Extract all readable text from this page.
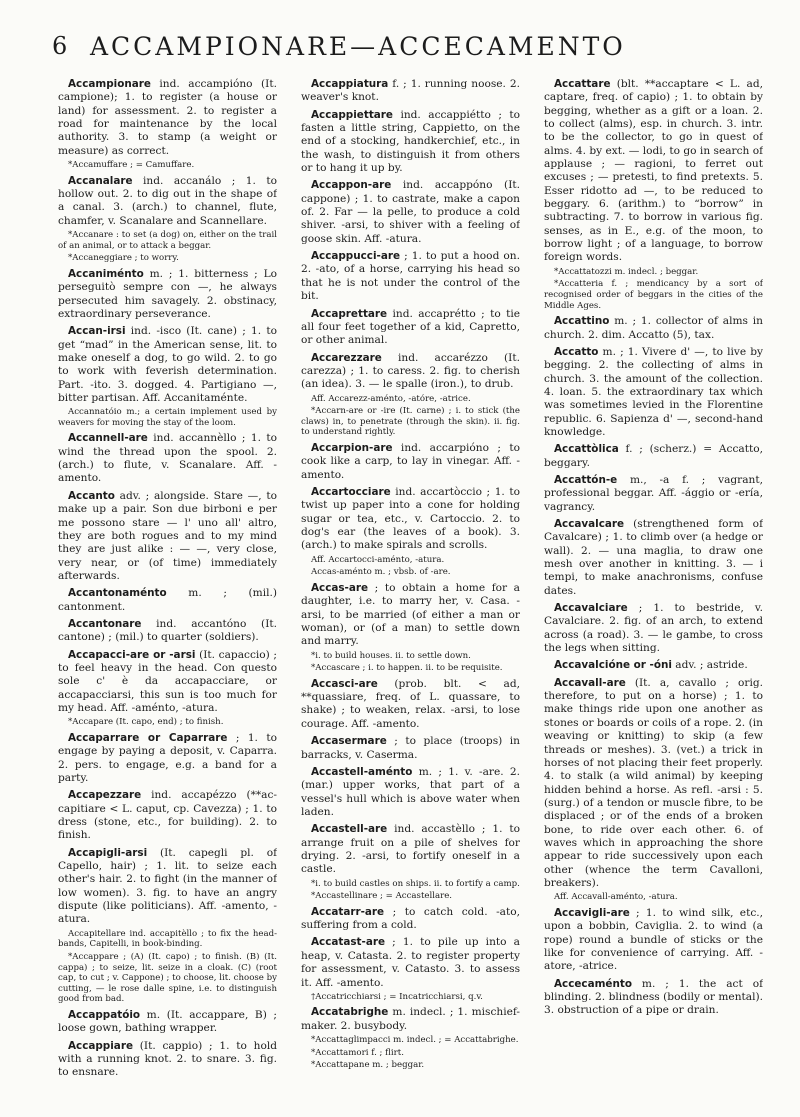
6 ACCAMPIONARE—ACCECAMENTO

Accampionare ind. accampióno (It. campione); 1. to register (a house or land) for assessment. 2. to register a road for maintenance by the local authority. 3. to stamp (a weight or measure) as correct.

*Accamuffare ; = Camuffare.

Accanalare ind. accanálo ; 1. to hollow out. 2. to dig out in the shape of a canal. 3. (arch.) to channel, flute, chamfer, v. Scanalare and Scannellare.

*Accanare : to set (a dog) on, either on the trail of an animal, or to attack a beggar.

*Accaneggiare ; to worry.

Accaniménto m. ; 1. bitterness ; Lo perseguitò sempre con —, he always persecuted him savagely. 2. obstinacy, extraordinary perseverance.

Accan-irsi ind. -isco (It. cane) ; 1. to get “mad” in the American sense, lit. to make oneself a dog, to go wild. 2. to go to work with feverish determination. Part. -ito. 3. dogged. 4. Partigiano —, bitter partisan. Aff. Accanitaménte.

Accannatóio m.; a certain implement used by weavers for moving the stay of the loom.

Accannell-are ind. accannèllo ; 1. to wind the thread upon the spool. 2. (arch.) to flute, v. Scanalare. Aff. -amento.

Accanto adv. ; alongside. Stare —, to make up a pair. Son due birboni e per me possono stare — l' uno all' altro, they are both rogues and to my mind they are just alike : — —, very close, very near, or (of time) immediately afterwards.

Accantonaménto m. ; (mil.) cantonment.

Accantonare ind. accantóno (It. cantone) ; (mil.) to quarter (soldiers).

Accapacci-are or -arsi (It. capaccio) ; to feel heavy in the head. Con questo sole c' è da accapacciare, or accapacciarsi, this sun is too much for my head. Aff. -aménto, -atura.

*Accapare (It. capo, end) ; to finish.

Accaparrare or Caparrare ; 1. to engage by paying a deposit, v. Caparra. 2. pers. to engage, e.g. a band for a party.

Accapezzare ind. accapézzo (**ac-capitiare < L. caput, cp. Cavezza) ; 1. to dress (stone, etc., for building). 2. to finish.

Accapigli-arsi (It. capegli pl. of Capello, hair) ; 1. lit. to seize each other's hair. 2. to fight (in the manner of low women). 3. fig. to have an angry dispute (like politicians). Aff. -amento, -atura.

Accapitellare ind. accapitèllo ; to fix the head-bands, Capitelli, in book-binding.

*Accappare ; (A) (It. capo) ; to finish. (B) (It. cappa) ; to seize, lit. seize in a cloak. (C) (root cap, to cut ; v. Cappone) ; to choose, lit. choose by cutting, — le rose dalle spine, i.e. to distinguish good from bad.

Accappatóio m. (It. accappare, B) ; loose gown, bathing wrapper.

Accappiare (It. cappio) ; 1. to hold with a running knot. 2. to snare. 3. fig. to ensnare.

Accappiatura f. ; 1. running noose. 2. weaver's knot.

Accappiettare ind. accappiétto ; to fasten a little string, Cappietto, on the end of a stocking, handkerchief, etc., in the wash, to distinguish it from others or to hang it up by.

Accappon-are ind. accappóno (It. cappone) ; 1. to castrate, make a capon of. 2. Far — la pelle, to produce a cold shiver. -arsi, to shiver with a feeling of goose skin. Aff. -atura.

Accappucci-are ; 1. to put a hood on. 2. -ato, of a horse, carrying his head so that he is not under the control of the bit.

Accaprettare ind. accaprétto ; to tie all four feet together of a kid, Capretto, or other animal.

Accarezzare ind. accarézzo (It. carezza) ; 1. to caress. 2. fig. to cherish (an idea). 3. — le spalle (iron.), to drub.

Aff. Accarezz-aménto, -atóre, -atrice.

*Accarn-are or -ire (It. carne) ; i. to stick (the claws) in, to penetrate (through the skin). ii. fig. to understand rightly.

Accarpion-are ind. accarpióno ; to cook like a carp, to lay in vinegar. Aff. -amento.

Accartocciare ind. accartòccio ; 1. to twist up paper into a cone for holding sugar or tea, etc., v. Cartoccio. 2. to dog's ear (the leaves of a book). 3. (arch.) to make spirals and scrolls.

Aff. Accartocci-aménto, -atura.

Accas-aménto m. ; vbsb. of -are.

Accas-are ; to obtain a home for a daughter, i.e. to marry her, v. Casa. -arsi, to be married (of either a man or woman), or (of a man) to settle down and marry.

*i. to build houses. ii. to settle down.

*Accascare ; i. to happen. ii. to be requisite.

Accasci-are (prob. blt. < ad, **quassiare, freq. of L. quassare, to shake) ; to weaken, relax. -arsi, to lose courage. Aff. -amento.

Accasermare ; to place (troops) in barracks, v. Caserma.

Accastell-aménto m. ; 1. v. -are. 2. (mar.) upper works, that part of a vessel's hull which is above water when laden.

Accastell-are ind. accastèllo ; 1. to arrange fruit on a pile of shelves for drying. 2. -arsi, to fortify oneself in a castle.

*i. to build castles on ships. ii. to fortify a camp.

*Accastellinare ; = Accastellare.

Accatarr-are ; to catch cold. -ato, suffering from a cold.

Accatast-are ; 1. to pile up into a heap, v. Catasta. 2. to register property for assessment, v. Catasto. 3. to assess it. Aff. -amento.

†Accatricchiarsi ; = Incatricchiarsi, q.v.

Accatabrighe m. indecl. ; 1. mischief-maker. 2. busybody.

*Accattaglimpacci m. indecl. ; = Accattabrighe.

*Accattamori f. ; flirt.

*Accattapane m. ; beggar.

Accattare (blt. **accaptare < L. ad, captare, freq. of capio) ; 1. to obtain by begging, whether as a gift or a loan. 2. to collect (alms), esp. in church. 3. intr. to be the collector, to go in quest of alms. 4. by ext. — lodi, to go in search of applause ; — ragioni, to ferret out excuses ; — pretesti, to find pretexts. 5. Esser ridotto ad —, to be reduced to beggary. 6. (arithm.) to “borrow” in subtracting. 7. to borrow in various fig. senses, as in E., e.g. of the moon, to borrow light ; of a language, to borrow foreign words.

*Accattatozzi m. indecl. ; beggar.

*Accatteria f. ; mendicancy by a sort of recognised order of beggars in the cities of the Middle Ages.

Accattino m. ; 1. collector of alms in church. 2. dim. Accatto (5), tax.

Accatto m. ; 1. Vivere d' —, to live by begging. 2. the collecting of alms in church. 3. the amount of the collection. 4. loan. 5. the extraordinary tax which was sometimes levied in the Florentine republic. 6. Sapienza d' —, second-hand knowledge.

Accattòlica f. ; (scherz.) = Accatto, beggary.

Accattón-e m., -a f. ; vagrant, professional beggar. Aff. -ággio or -ería, vagrancy.

Accavalcare (strengthened form of Cavalcare) ; 1. to climb over (a hedge or wall). 2. — una maglia, to draw one mesh over another in knitting. 3. — i tempi, to make anachronisms, confuse dates.

Accavalciare ; 1. to bestride, v. Cavalciare. 2. fig. of an arch, to extend across (a road). 3. — le gambe, to cross the legs when sitting.

Accavalcióne or -óni adv. ; astride.

Accavall-are (It. a, cavallo ; orig. therefore, to put on a horse) ; 1. to make things ride upon one another as stones or boards or coils of a rope. 2. (in weaving or knitting) to skip (a few threads or meshes). 3. (vet.) a trick in horses of not placing their feet properly. 4. to stalk (a wild animal) by keeping hidden behind a horse. As refl. -arsi : 5. (surg.) of a tendon or muscle fibre, to be displaced ; or of the ends of a broken bone, to ride over each other. 6. of waves which in approaching the shore appear to ride successively upon each other (whence the term Cavalloni, breakers).

Aff. Accavall-aménto, -atura.

Accavigli-are ; 1. to wind silk, etc., upon a bobbin, Caviglia. 2. to wind (a rope) round a bundle of sticks or the like for convenience of carrying. Aff. -atore, -atrice.

Accecaménto m. ; 1. the act of blinding. 2. blindness (bodily or mental). 3. obstruction of a pipe or drain.
